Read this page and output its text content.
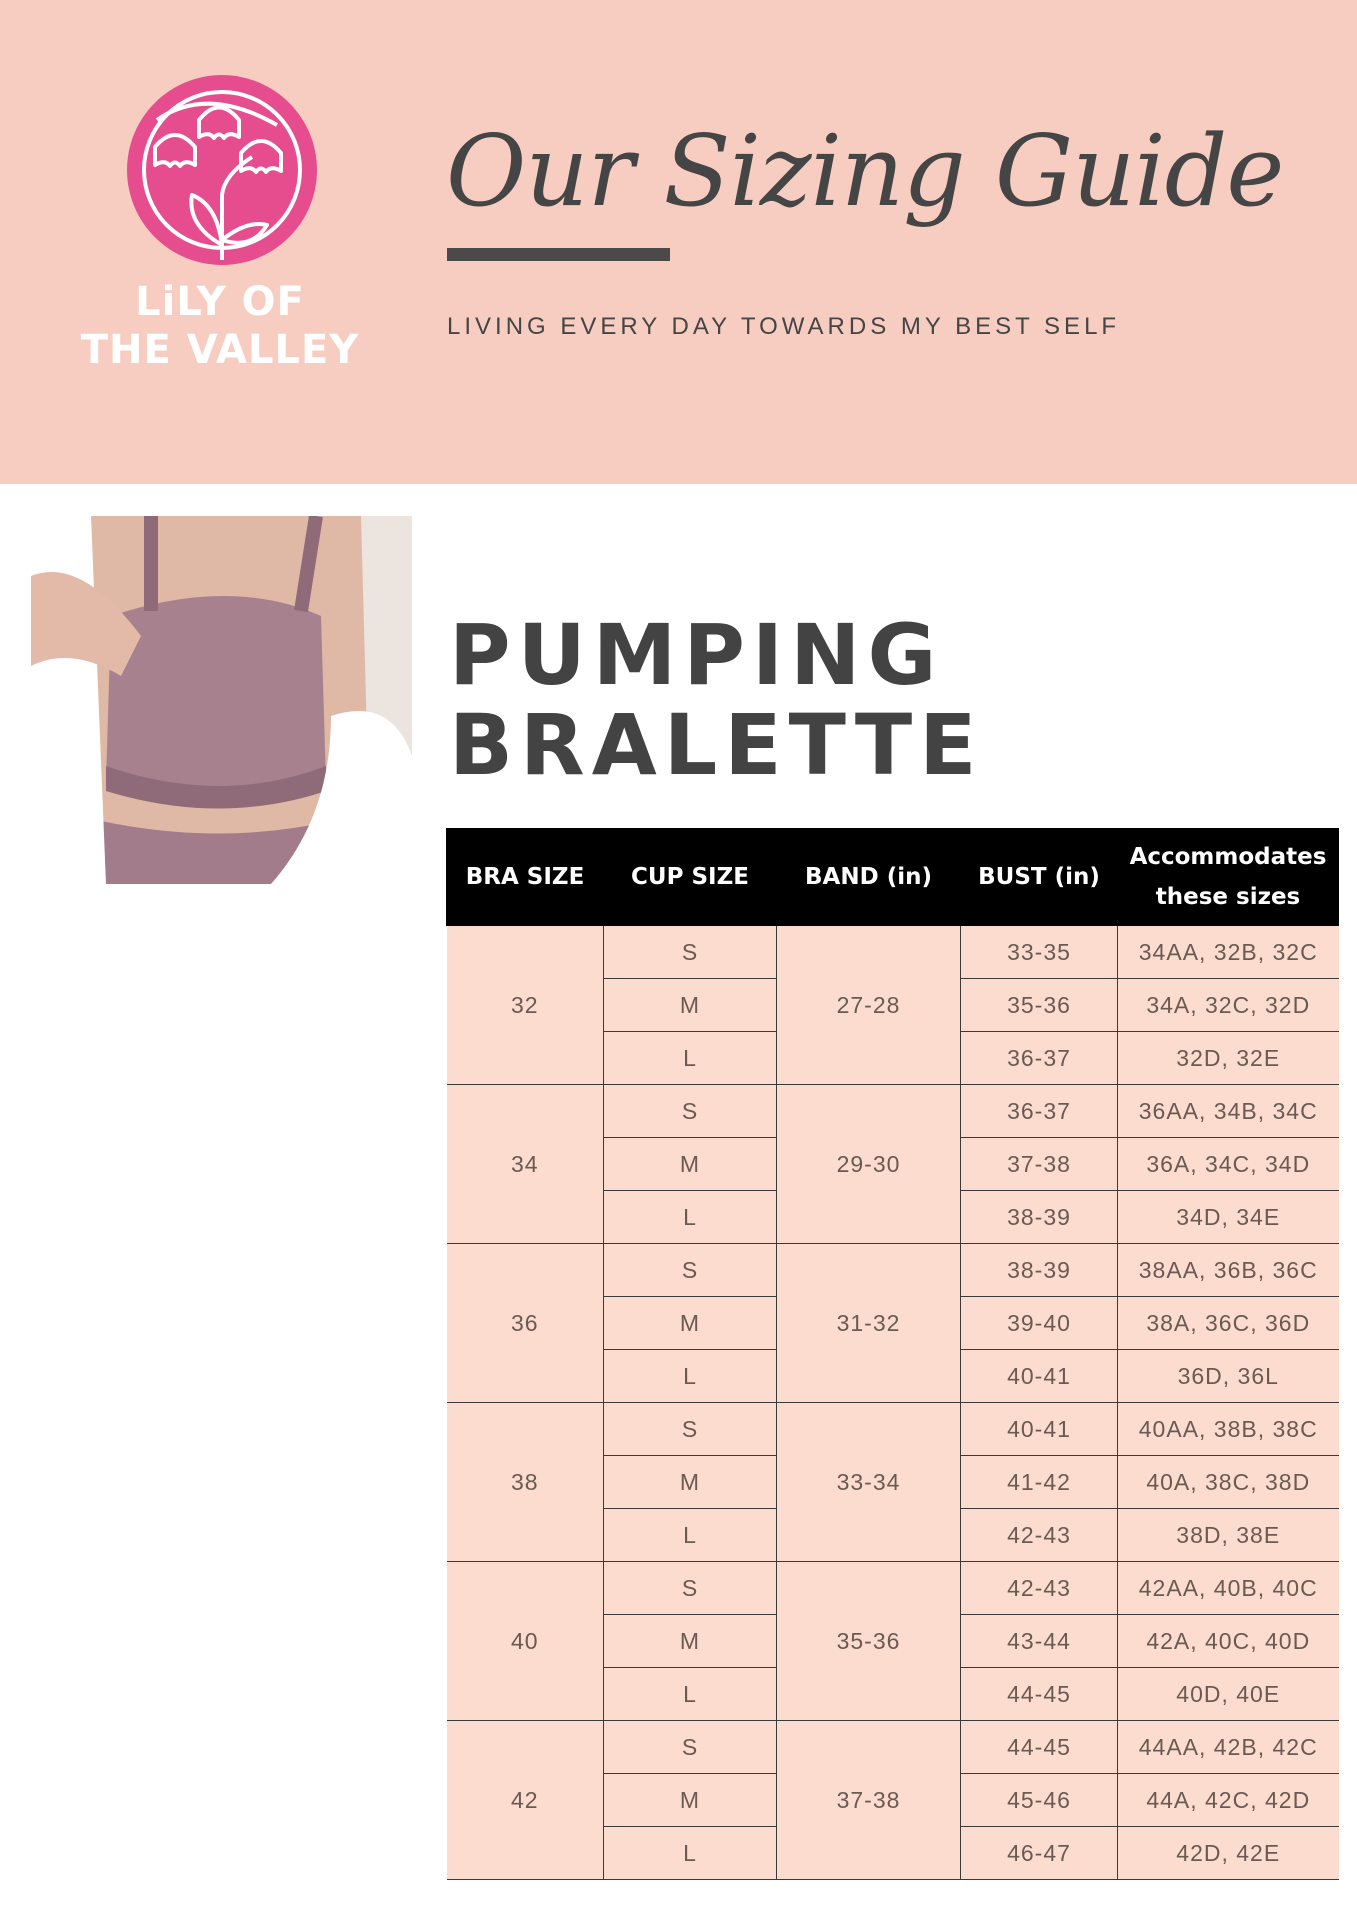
LiLY OF
THE VALLEY
Our Sizing Guide
LIVING EVERY DAY TOWARDS MY BEST SELF
PUMPING
BRALETTE
BRA SIZE	CUP SIZE	BAND (in)	BUST (in)	Accommodates
these sizes

32	S	27-28	33-35	34AA, 32B, 32C
	M		35-36	34A, 32C, 32D
	L		36-37	32D, 32E
34	S	29-30	36-37	36AA, 34B, 34C
	M		37-38	36A, 34C, 34D
	L		38-39	34D, 34E
36	S	31-32	38-39	38AA, 36B, 36C
	M		39-40	38A, 36C, 36D
	L		40-41	36D, 36L
38	S	33-34	40-41	40AA, 38B, 38C
	M		41-42	40A, 38C, 38D
	L		42-43	38D, 38E
40	S	35-36	42-43	42AA, 40B, 40C
	M		43-44	42A, 40C, 40D
	L		44-45	40D, 40E
42	S	37-38	44-45	44AA, 42B, 42C
	M		45-46	44A, 42C, 42D
	L		46-47	42D, 42E
